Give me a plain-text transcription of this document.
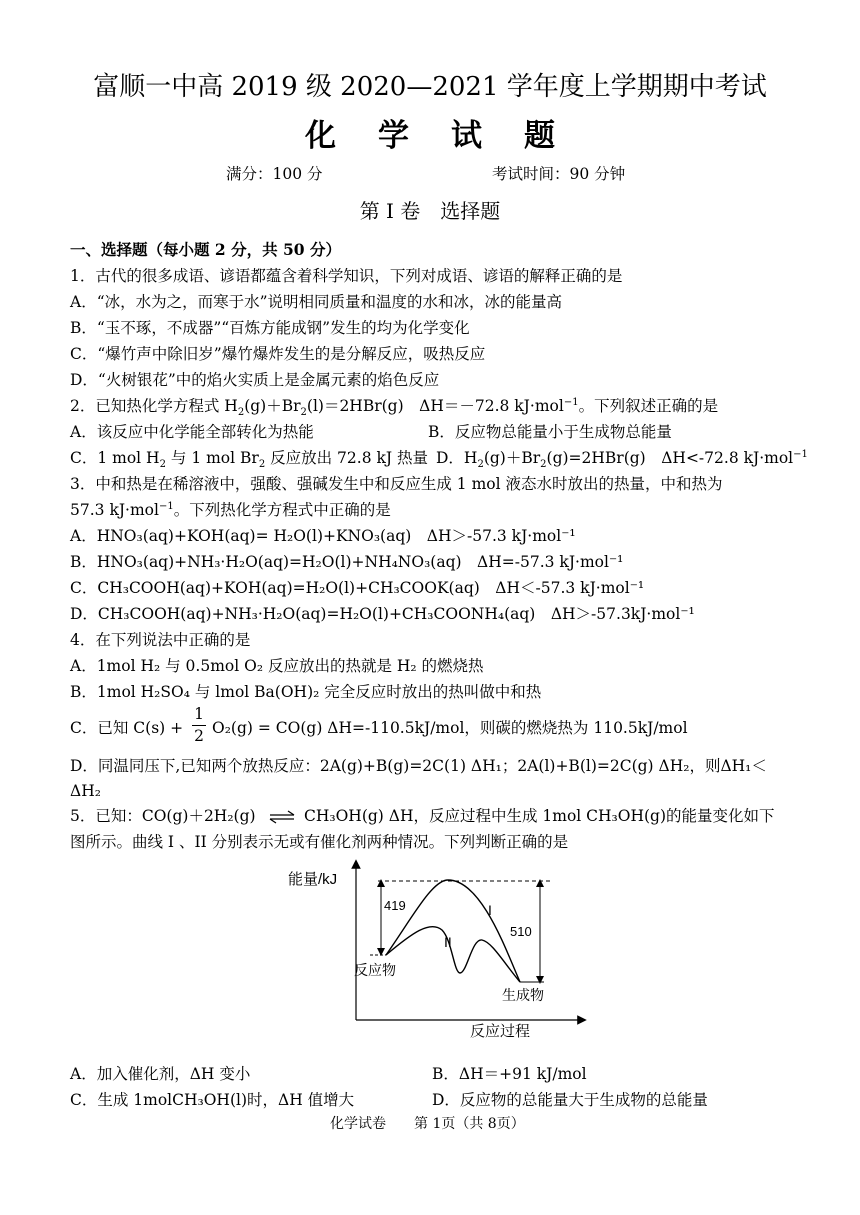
富顺一中高 2019 级 2020—2021 学年度上学期期中考试
化学试题
满分：100 分	考试时间：90 分钟
第 I 卷　选择题
一、选择题（每小题 2 分，共 50 分）
1．古代的很多成语、谚语都蕴含着科学知识，下列对成语、谚语的解释正确的是
A．“冰，水为之，而寒于水”说明相同质量和温度的水和冰，冰的能量高
B．“玉不琢，不成器”“百炼方能成钢”发生的均为化学变化
C．“爆竹声中除旧岁”爆竹爆炸发生的是分解反应，吸热反应
D．“火树银花”中的焰火实质上是金属元素的焰色反应
2．已知热化学方程式 $H_2(g)+Br_2(l)=2HBr(g)$　ΔH＝－72.8 kJ·mol$^{-1}$。下列叙述正确的是
A．该反应中化学能全部转化为热能	B．反应物总能量小于生成物总能量
C．1 mol $H_2$ 与 1 mol $Br_2$ 反应放出 72.8 kJ 热量 D．$H_2(g)+Br_2(g)=2HBr(g)$　ΔH<-72.8 kJ·mol$^{-1}$
3．中和热是在稀溶液中，强酸、强碱发生中和反应生成 1 mol 液态水时放出的热量，中和热为
57.3 kJ·mol$^{-1}$。下列热化学方程式中正确的是
A．HNO₃(aq)+KOH(aq)= H₂O(l)+KNO₃(aq)　ΔH＞-57.3 kJ·mol⁻¹
B．HNO₃(aq)+NH₃·H₂O(aq)=H₂O(l)+NH₄NO₃(aq)　ΔH=-57.3 kJ·mol⁻¹
C．CH₃COOH(aq)+KOH(aq)=H₂O(l)+CH₃COOK(aq)　ΔH＜-57.3 kJ·mol⁻¹
D．CH₃COOH(aq)+NH₃·H₂O(aq)=H₂O(l)+CH₃COONH₄(aq)　ΔH＞-57.3kJ·mol⁻¹
4．在下列说法中正确的是
A．1mol H₂ 与 0.5mol O₂ 反应放出的热就是 H₂ 的燃烧热
B．1mol H₂SO₄ 与 lmol Ba(OH)₂ 完全反应时放出的热叫做中和热
C．已知 C(s) +
1
2 O₂(g) = CO(g) ΔH=-110.5kJ/mol，则碳的燃烧热为 110.5kJ/mol
D．同温同压下,已知两个放热反应：2A(g)+B(g)=2C(1) ΔH₁；2A(l)+B(l)=2C(g) ΔH₂，则ΔH₁＜
ΔH₂
5．已知：CO(g)＋2H₂(g) ⇌ CH₃OH(g) ΔH，反应过程中生成 1mol CH₃OH(g)的能量变化如下
图所示。曲线 I 、II 分别表示无或有催化剂两种情况。下列判断正确的是
能量/kJ
反应过程
反应物
生成物
I
II
419
510
A．加入催化剂，ΔH 变小	B．ΔH＝+91 kJ/mol
C．生成 1molCH₃OH(l)时，ΔH 值增大	D．反应物的总能量大于生成物的总能量
化学试卷　　第 1页（共 8页）
